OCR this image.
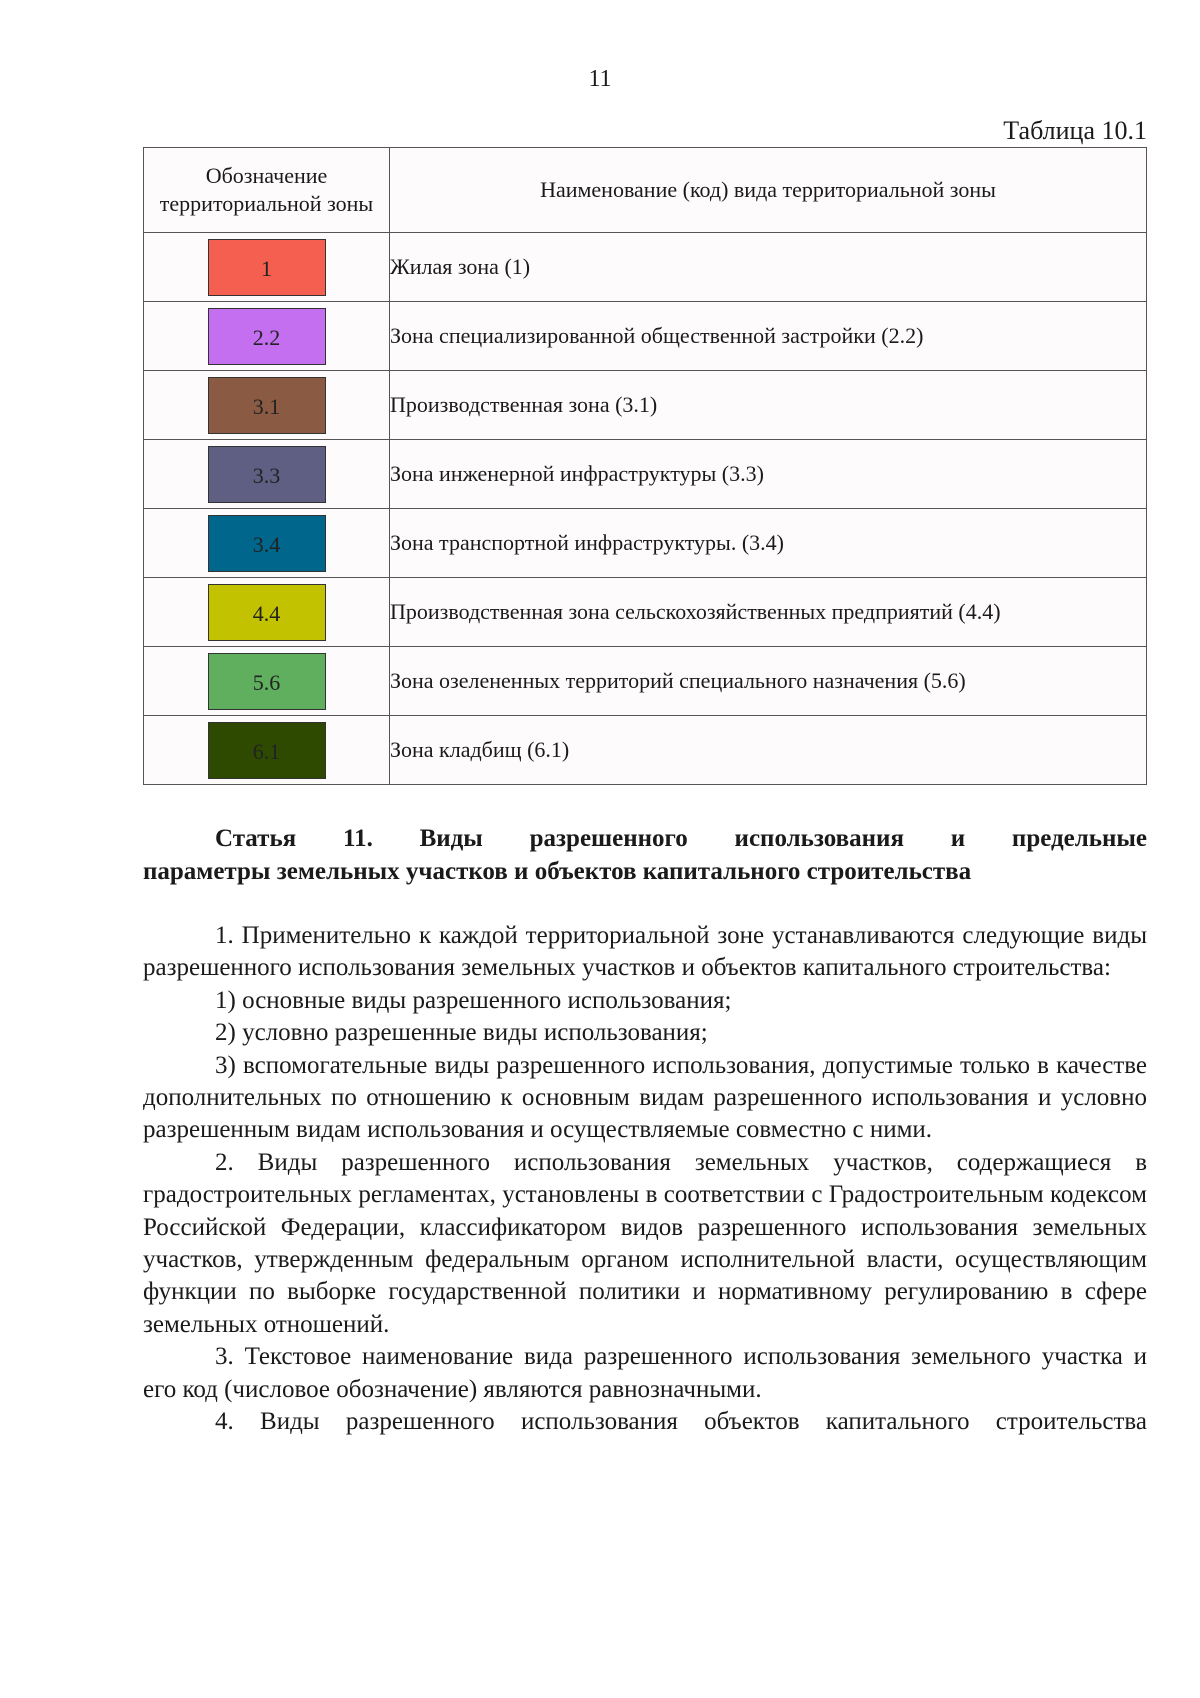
11
Таблица 10.1
Обозначение территориальной зоны	Наименование (код) вида территориальной зоны
1	Жилая зона (1)
2.2	Зона специализированной общественной застройки (2.2)
3.1	Производственная зона (3.1)
3.3	Зона инженерной инфраструктуры (3.3)
3.4	Зона транспортной инфраструктуры. (3.4)
4.4	Производственная зона сельскохозяйственных предприятий (4.4)
5.6	Зона озелененных территорий специального назначения (5.6)
6.1	Зона кладбищ (6.1)
Статья 11. Виды разрешенного использования и предельные
параметры земельных участков и объектов капитального строительства

1. Применительно к каждой территориальной зоне устанавливаются следующие виды разрешенного использования земельных участков и объектов капитального строительства:

1) основные виды разрешенного использования;

2) условно разрешенные виды использования;

3) вспомогательные виды разрешенного использования, допустимые только в качестве дополнительных по отношению к основным видам разрешенного использования и условно разрешенным видам использования и осуществляемые совместно с ними.

2. Виды разрешенного использования земельных участков, содержащиеся в градостроительных регламентах, установлены в соответствии с Градостроительным кодексом Российской Федерации, классификатором видов разрешенного использования земельных участков, утвержденным федеральным органом исполнительной власти, осуществляющим функции по выборке государственной политики и нормативному регулированию в сфере земельных отношений.

3. Текстовое наименование вида разрешенного использования земельного участка и его код (числовое обозначение) являются равнозначными.

4. Виды разрешенного использования объектов капитального строительства
